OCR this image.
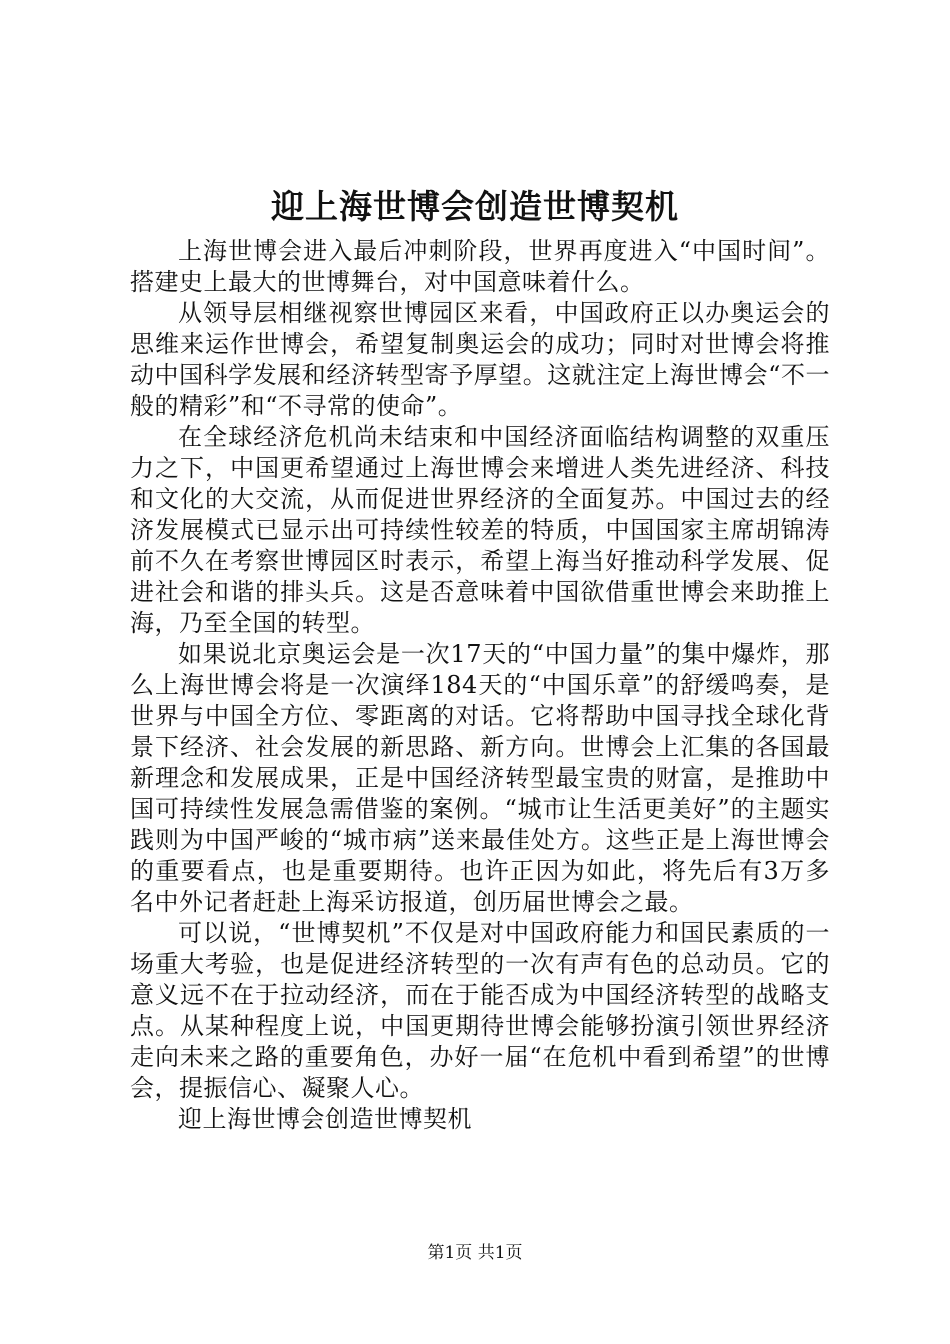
迎上海世博会创造世博契机

上海世博会进入最后冲刺阶段，世界再度进入“中国时间”。搭建史上最大的世博舞台，对中国意味着什么。

从领导层相继视察世博园区来看，中国政府正以办奥运会的思维来运作世博会，希望复制奥运会的成功；同时对世博会将推动中国科学发展和经济转型寄予厚望。这就注定上海世博会“不一般的精彩”和“不寻常的使命”。

在全球经济危机尚未结束和中国经济面临结构调整的双重压力之下，中国更希望通过上海世博会来增进人类先进经济、科技和文化的大交流，从而促进世界经济的全面复苏。中国过去的经济发展模式已显示出可持续性较差的特质，中国国家主席胡锦涛前不久在考察世博园区时表示，希望上海当好推动科学发展、促进社会和谐的排头兵。这是否意味着中国欲借重世博会来助推上海，乃至全国的转型。

如果说北京奥运会是一次17天的“中国力量”的集中爆炸，那么上海世博会将是一次演绎184天的“中国乐章”的舒缓鸣奏，是世界与中国全方位、零距离的对话。它将帮助中国寻找全球化背景下经济、社会发展的新思路、新方向。世博会上汇集的各国最新理念和发展成果，正是中国经济转型最宝贵的财富，是推助中国可持续性发展急需借鉴的案例。“城市让生活更美好”的主题实践则为中国严峻的“城市病”送来最佳处方。这些正是上海世博会的重要看点，也是重要期待。也许正因为如此，将先后有3万多名中外记者赶赴上海采访报道，创历届世博会之最。

可以说，“世博契机”不仅是对中国政府能力和国民素质的一场重大考验，也是促进经济转型的一次有声有色的总动员。它的意义远不在于拉动经济，而在于能否成为中国经济转型的战略支点。从某种程度上说，中国更期待世博会能够扮演引领世界经济走向未来之路的重要角色，办好一届“在危机中看到希望”的世博会，提振信心、凝聚人心。

迎上海世博会创造世博契机

第1页 共1页
